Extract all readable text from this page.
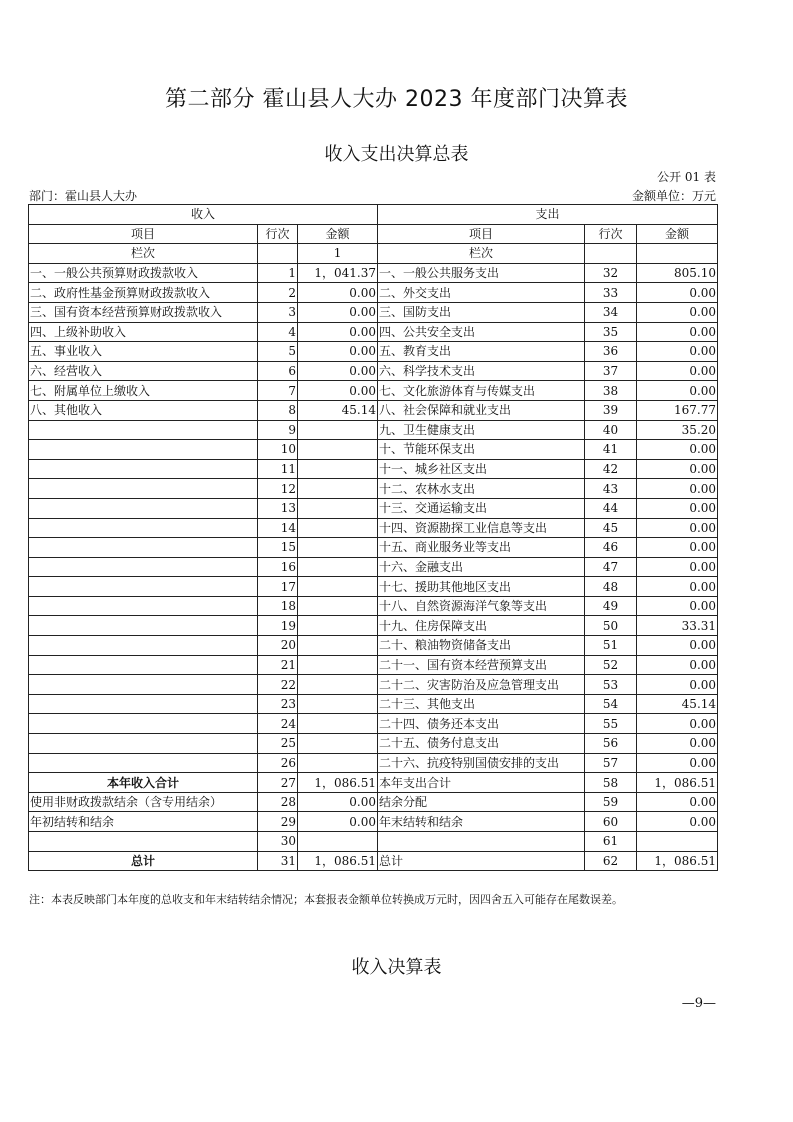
第二部分 霍山县人大办 2023 年度部门决算表
收入支出决算总表
公开 01 表
部门：霍山县人大办	金额单位：万元
收入			支出		
项目	行次	金额	项目	行次	金额
栏次		1	栏次		
一、一般公共预算财政拨款收入	1	1，041.37	一、一般公共服务支出	32	805.10
二、政府性基金预算财政拨款收入	2	0.00	二、外交支出	33	0.00
三、国有资本经营预算财政拨款收入	3	0.00	三、国防支出	34	0.00
四、上级补助收入	4	0.00	四、公共安全支出	35	0.00
五、事业收入	5	0.00	五、教育支出	36	0.00
六、经营收入	6	0.00	六、科学技术支出	37	0.00
七、附属单位上缴收入	7	0.00	七、文化旅游体育与传媒支出	38	0.00
八、其他收入	8	45.14	八、社会保障和就业支出	39	167.77
	9		九、卫生健康支出	40	35.20
	10		十、节能环保支出	41	0.00
	11		十一、城乡社区支出	42	0.00
	12		十二、农林水支出	43	0.00
	13		十三、交通运输支出	44	0.00
	14		十四、资源勘探工业信息等支出	45	0.00
	15		十五、商业服务业等支出	46	0.00
	16		十六、金融支出	47	0.00
	17		十七、援助其他地区支出	48	0.00
	18		十八、自然资源海洋气象等支出	49	0.00
	19		十九、住房保障支出	50	33.31
	20		二十、粮油物资储备支出	51	0.00
	21		二十一、国有资本经营预算支出	52	0.00
	22		二十二、灾害防治及应急管理支出	53	0.00
	23		二十三、其他支出	54	45.14
	24		二十四、债务还本支出	55	0.00
	25		二十五、债务付息支出	56	0.00
	26		二十六、抗疫特别国债安排的支出	57	0.00
本年收入合计	27	1，086.51	本年支出合计	58	1，086.51
使用非财政拨款结余（含专用结余）	28	0.00	结余分配	59	0.00
年初结转和结余	29	0.00	年末结转和结余	60	0.00
	30			61	
总计	31	1，086.51	总计	62	1，086.51
注：本表反映部门本年度的总收支和年末结转结余情况；本套报表金额单位转换成万元时，因四舍五入可能存在尾数误差。
收入决算表
—9—
